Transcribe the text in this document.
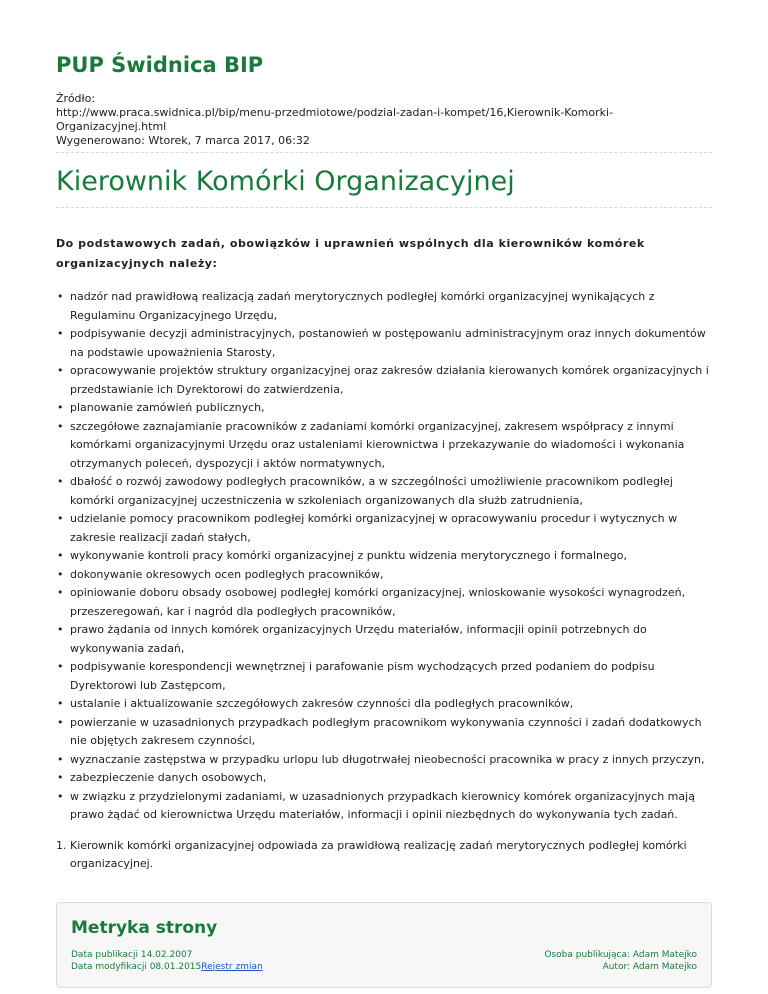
PUP Świdnica BIP
Źródło:
http://www.praca.swidnica.pl/bip/menu-przedmiotowe/podzial-zadan-i-kompet/16,Kierownik-Komorki-Organizacyjnej.html
Wygenerowano: Wtorek, 7 marca 2017, 06:32
Kierownik Komórki Organizacyjnej
Do podstawowych zadań, obowiązków i uprawnień wspólnych dla kierowników komórek organizacyjnych należy:
• nadzór nad prawidłową realizacją zadań merytorycznych podległej komórki organizacyjnej wynikających z Regulaminu Organizacyjnego Urzędu,
• podpisywanie decyzji administracyjnych, postanowień w postępowaniu administracyjnym oraz innych dokumentów na podstawie upoważnienia Starosty,
• opracowywanie projektów struktury organizacyjnej oraz zakresów działania kierowanych komórek organizacyjnych i przedstawianie ich Dyrektorowi do zatwierdzenia,
• planowanie zamówień publicznych,
• szczegółowe zaznajamianie pracowników z zadaniami komórki organizacyjnej, zakresem współpracy z innymi komórkami organizacyjnymi Urzędu oraz ustaleniami kierownictwa i przekazywanie do wiadomości i wykonania otrzymanych poleceń, dyspozycji i aktów normatywnych,
• dbałość o rozwój zawodowy podległych pracowników, a w szczególności umożliwienie pracownikom podległej komórki organizacyjnej uczestniczenia w szkoleniach organizowanych dla służb zatrudnienia,
• udzielanie pomocy pracownikom podległej komórki organizacyjnej w opracowywaniu procedur i wytycznych w zakresie realizacji zadań stałych,
• wykonywanie kontroli pracy komórki organizacyjnej z punktu widzenia merytorycznego i formalnego,
• dokonywanie okresowych ocen podległych pracowników,
• opiniowanie doboru obsady osobowej podległej komórki organizacyjnej, wnioskowanie wysokości wynagrodzeń, przeszeregowań, kar i nagród dla podległych pracowników,
• prawo żądania od innych komórek organizacyjnych Urzędu materiałów, informacjii opinii potrzebnych do wykonywania zadań,
• podpisywanie korespondencji wewnętrznej i parafowanie pism wychodzących przed podaniem do podpisu Dyrektorowi lub Zastępcom,
• ustalanie i aktualizowanie szczegółowych zakresów czynności dla podległych pracowników,
• powierzanie w uzasadnionych przypadkach podległym pracownikom wykonywania czynności i zadań dodatkowych nie objętych zakresem czynności,
• wyznaczanie zastępstwa w przypadku urlopu lub długotrwałej nieobecności pracownika w pracy z innych przyczyn,
• zabezpieczenie danych osobowych,
• w związku z przydzielonymi zadaniami, w uzasadnionych przypadkach kierownicy komórek organizacyjnych mają prawo żądać od kierownictwa Urzędu materiałów, informacji i opinii niezbędnych do wykonywania tych zadań.
1. Kierownik komórki organizacyjnej odpowiada za prawidłową realizację zadań merytorycznych podległej komórki organizacyjnej.
Metryka strony
Data publikacji 14.02.2007
Data modyfikacji 08.01.2015Rejestr zmian
Osoba publikująca: Adam Matejko
Autor: Adam Matejko
